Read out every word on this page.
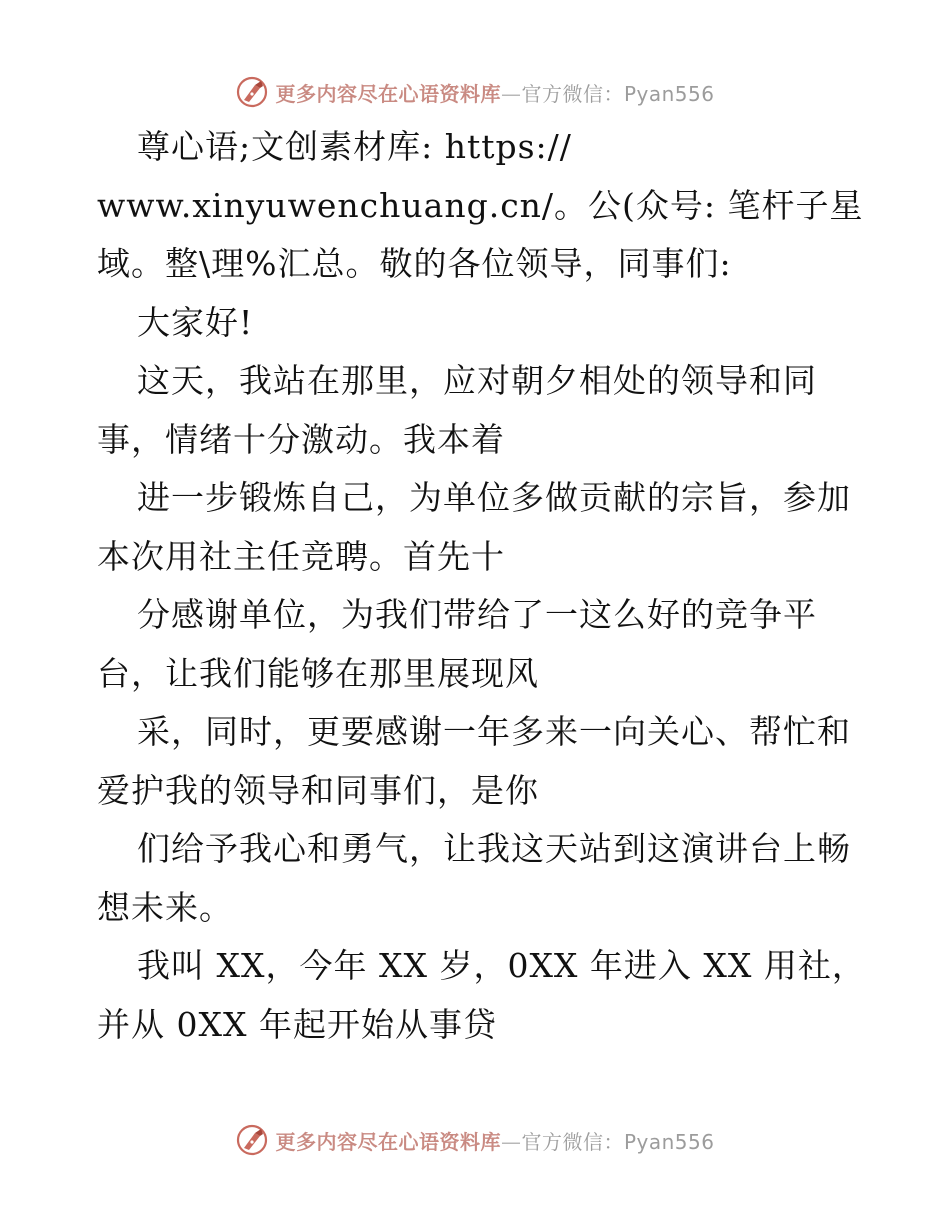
更多内容尽在心语资料库—官方微信：Pyan556
尊心语;文创素材库: https://
www.xinyuwenchuang.cn/。公(众号: 笔杆子星
域。整\理%汇总。敬的各位领导，同事们:
大家好!
这天，我站在那里，应对朝夕相处的领导和同
事，情绪十分激动。我本着
进一步锻炼自己，为单位多做贡献的宗旨，参加
本次用社主任竞聘。首先十
分感谢单位，为我们带给了一这么好的竞争平
台，让我们能够在那里展现风
采，同时，更要感谢一年多来一向关心、帮忙和
爱护我的领导和同事们，是你
们给予我心和勇气，让我这天站到这演讲台上畅
想未来。
我叫 XX，今年 XX 岁，0XX 年进入 XX 用社，
并从 0XX 年起开始从事贷
更多内容尽在心语资料库—官方微信：Pyan556
